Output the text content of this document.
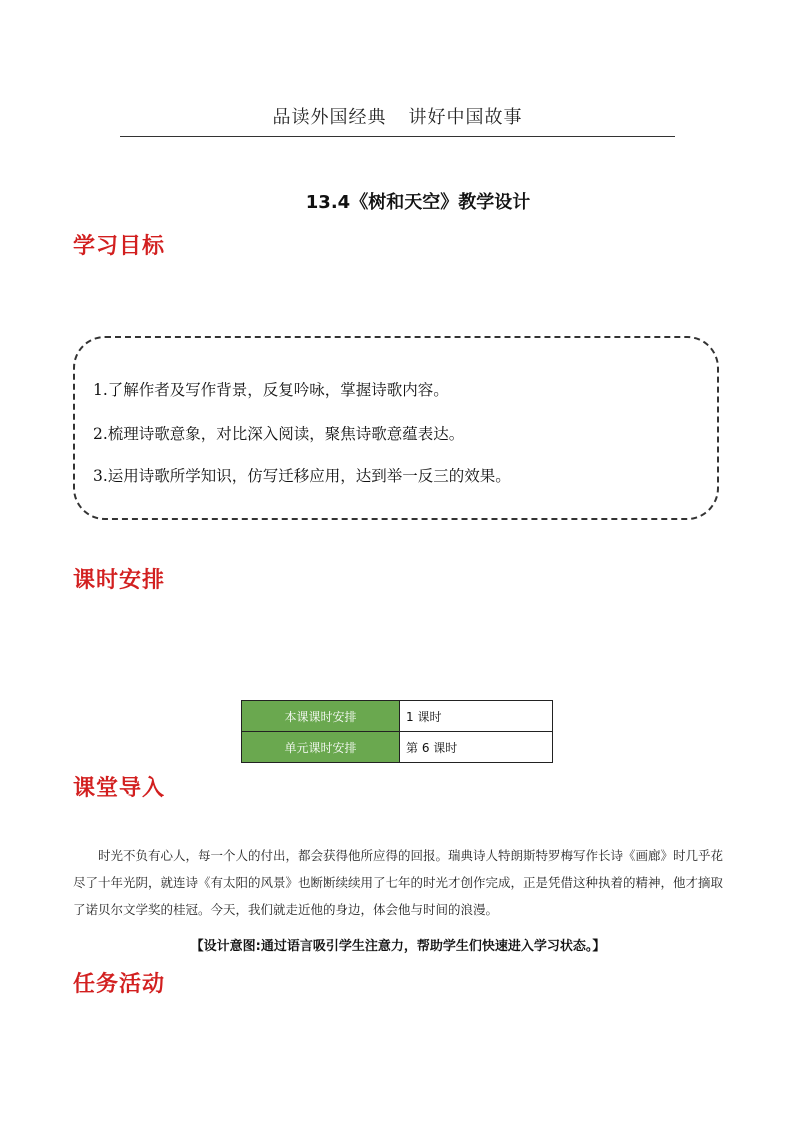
品读外国经典 讲好中国故事
13.4《树和天空》教学设计
学习目标
1.了解作者及写作背景，反复吟咏，掌握诗歌内容。
2.梳理诗歌意象，对比深入阅读，聚焦诗歌意蕴表达。
3.运用诗歌所学知识，仿写迁移应用，达到举一反三的效果。
课时安排
本课课时安排	1 课时
单元课时安排	第 6 课时
课堂导入
时光不负有心人，每一个人的付出，都会获得他所应得的回报。瑞典诗人特朗斯特罗梅写作长诗《画廊》时几乎花尽了十年光阴，就连诗《有太阳的风景》也断断续续用了七年的时光才创作完成，正是凭借这种执着的精神，他才摘取了诺贝尔文学奖的桂冠。今天，我们就走近他的身边，体会他与时间的浪漫。
【设计意图:通过语言吸引学生注意力，帮助学生们快速进入学习状态。】
任务活动
